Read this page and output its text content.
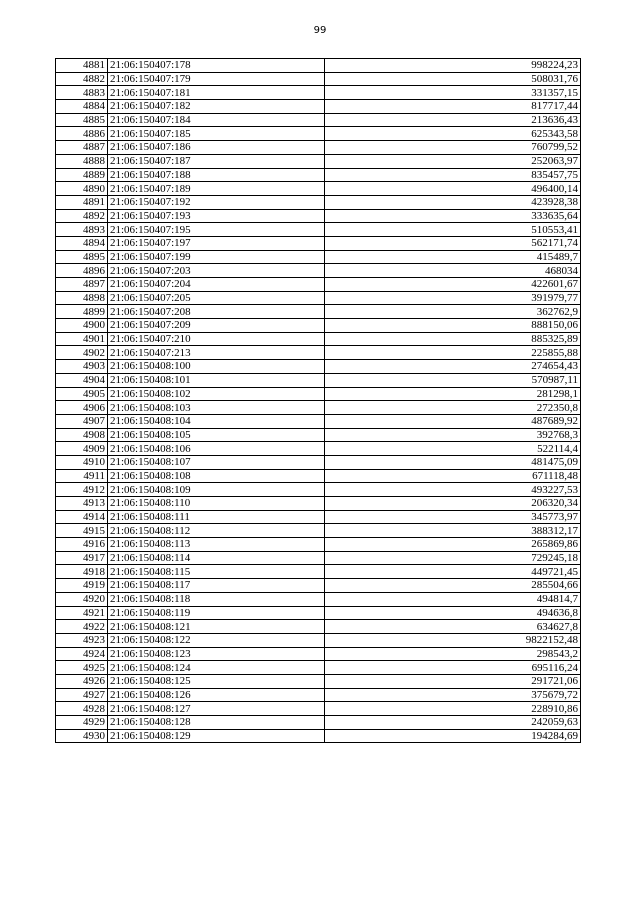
99
4881	21:06:150407:178	998224,23
4882	21:06:150407:179	508031,76
4883	21:06:150407:181	331357,15
4884	21:06:150407:182	817717,44
4885	21:06:150407:184	213636,43
4886	21:06:150407:185	625343,58
4887	21:06:150407:186	760799,52
4888	21:06:150407:187	252063,97
4889	21:06:150407:188	835457,75
4890	21:06:150407:189	496400,14
4891	21:06:150407:192	423928,38
4892	21:06:150407:193	333635,64
4893	21:06:150407:195	510553,41
4894	21:06:150407:197	562171,74
4895	21:06:150407:199	415489,7
4896	21:06:150407:203	468034
4897	21:06:150407:204	422601,67
4898	21:06:150407:205	391979,77
4899	21:06:150407:208	362762,9
4900	21:06:150407:209	888150,06
4901	21:06:150407:210	885325,89
4902	21:06:150407:213	225855,88
4903	21:06:150408:100	274654,43
4904	21:06:150408:101	570987,11
4905	21:06:150408:102	281298,1
4906	21:06:150408:103	272350,8
4907	21:06:150408:104	487689,92
4908	21:06:150408:105	392768,3
4909	21:06:150408:106	522114,4
4910	21:06:150408:107	481475,09
4911	21:06:150408:108	671118,48
4912	21:06:150408:109	493227,53
4913	21:06:150408:110	206320,34
4914	21:06:150408:111	345773,97
4915	21:06:150408:112	388312,17
4916	21:06:150408:113	265869,86
4917	21:06:150408:114	729245,18
4918	21:06:150408:115	449721,45
4919	21:06:150408:117	285504,66
4920	21:06:150408:118	494814,7
4921	21:06:150408:119	494636,8
4922	21:06:150408:121	634627,8
4923	21:06:150408:122	9822152,48
4924	21:06:150408:123	298543,2
4925	21:06:150408:124	695116,24
4926	21:06:150408:125	291721,06
4927	21:06:150408:126	375679,72
4928	21:06:150408:127	228910,86
4929	21:06:150408:128	242059,63
4930	21:06:150408:129	194284,69
